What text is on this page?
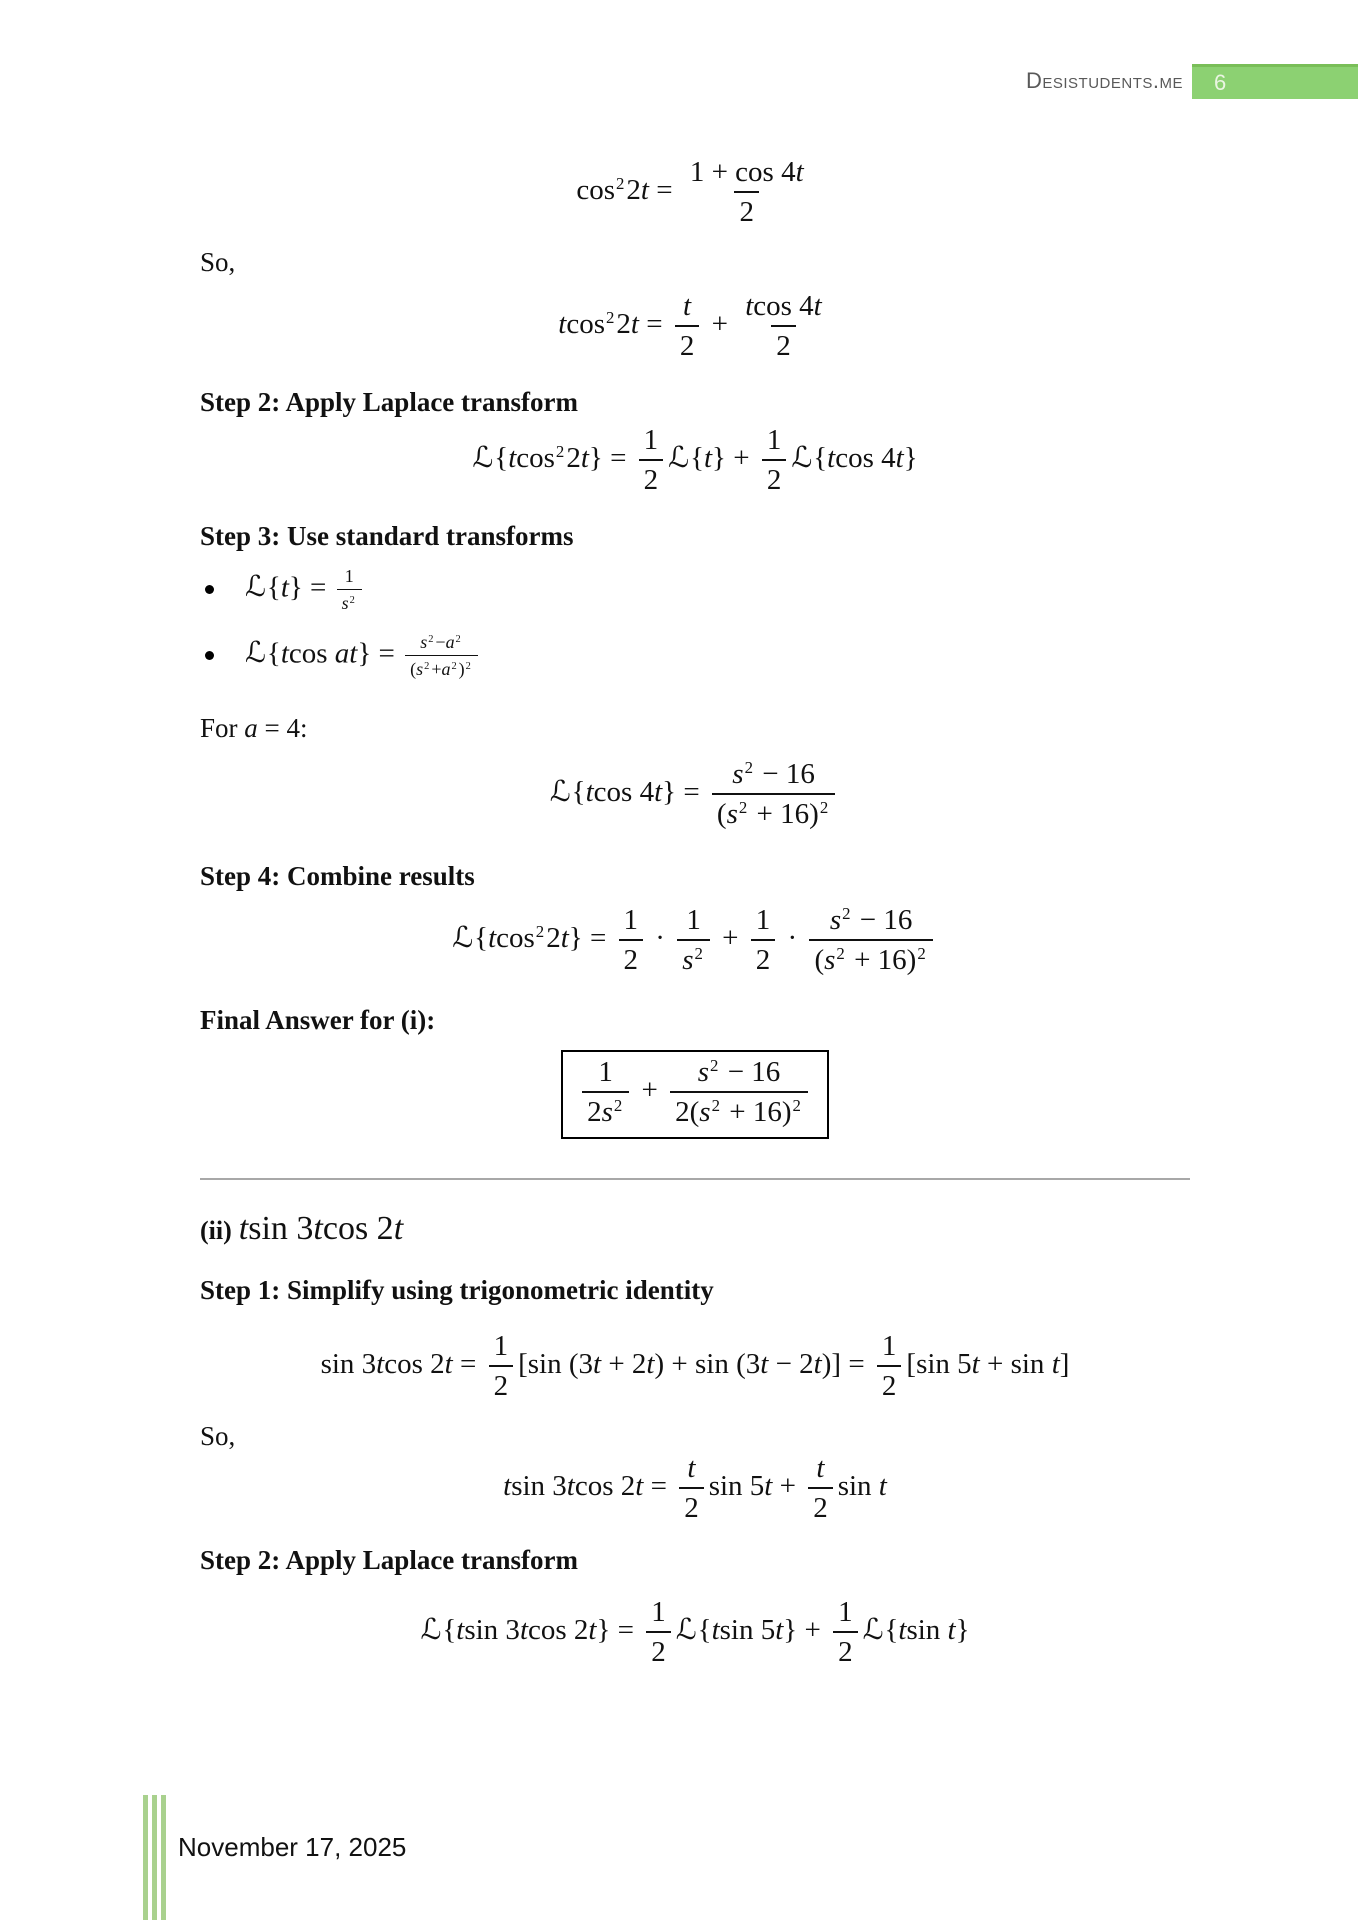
Desistudents.me	6
$\cos^22t = \frac{1 + \cos 4t}{2}$
So,
$tcos^22t = \frac{t}{2} + \frac{tcos 4t}{2}$
Step 2: Apply Laplace transform
ℒ{tcos$^2$2t} = $\frac{1}{2}$ ℒ{t} + $\frac{1}{2}$ ℒ{tcos 4t}
Step 3: Use standard transforms
ℒ{t} = $\frac{1}{s^2}$
ℒ{tcos $at\} = \frac{s^2 -a^2}{(s^2 +a^2 )^2}$
For a = 4:
ℒ{tcos $4t\} = \frac{s^2 - 16}{(s^2 + 16)^2}$
Step 4: Combine results
ℒ{tcos$^2$2t} = $\frac{1}{2} \cdot \frac{1}{s^2} + \frac{1}{2} \cdot \frac{s^2 - 16}{(s^2 + 16)^2}$
Final Answer for (i):
$\frac{1}{2s^2} + \frac{s^2 - 16}{2(s^2 + 16)^2}$
(ii) tsin 3tcos 2t
Step 1: Simplify using trigonometric identity
sin 3tcos $2t = \frac{1}{2} [\sin$ $(3t + 2t) + \sin (3t - 2t)] = \frac{1}{2} [\sin$ 5t + sin t]
So,
tsin 3tcos $2t = \frac{t}{2}$ $\sin 5t + \frac{t}{2}$ sin t
Step 2: Apply Laplace transform
ℒ{tsin 3tcos $2t\} = \frac{1}{2}$ ℒ{tsin $5t\} + \frac{1}{2}$ ℒ{tsin t}
November 17, 2025
